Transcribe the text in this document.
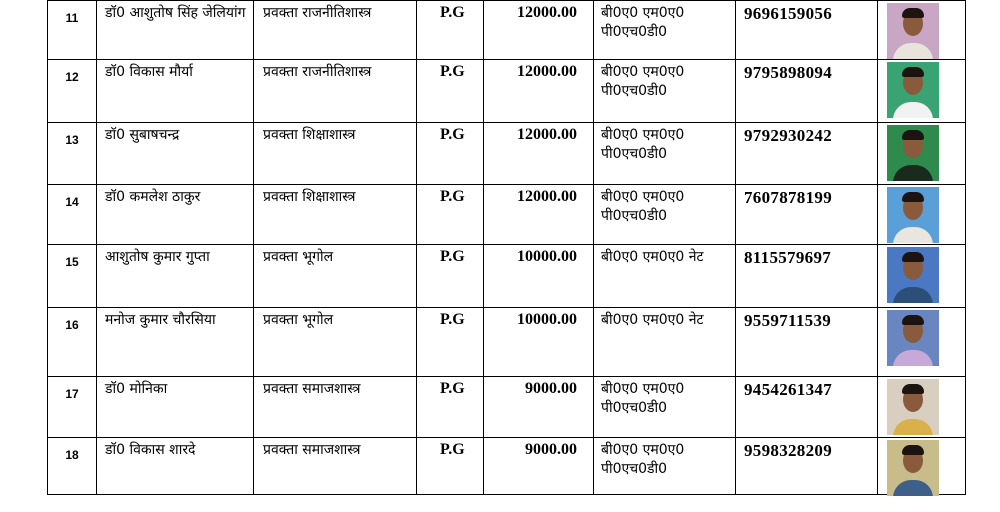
11	डॉ0 आशुतोष सिंह जेलियांग	प्रवक्ता राजनीतिशास्त्र	P.G	12000.00	बी0ए0 एम0ए0 पी0एच0डी0	9696159056	

12	डॉ0 विकास मौर्या	प्रवक्ता राजनीतिशास्त्र	P.G	12000.00	बी0ए0 एम0ए0 पी0एच0डी0	9795898094	

13	डॉ0 सुबाषचन्द्र	प्रवक्ता शिक्षाशास्त्र	P.G	12000.00	बी0ए0 एम0ए0 पी0एच0डी0	9792930242	

14	डॉ0 कमलेश ठाकुर	प्रवक्ता शिक्षाशास्त्र	P.G	12000.00	बी0ए0 एम0ए0 पी0एच0डी0	7607878199	

15	आशुतोष कुमार गुप्ता	प्रवक्ता भूगोल	P.G	10000.00	बी0ए0 एम0ए0 नेट	8115579697	

16	मनोज कुमार चौरसिया	प्रवक्ता भूगोल	P.G	10000.00	बी0ए0 एम0ए0 नेट	9559711539	

17	डॉ0 मोनिका	प्रवक्ता समाजशास्त्र	P.G	9000.00	बी0ए0 एम0ए0 पी0एच0डी0	9454261347	

18	डॉ0 विकास शारदे	प्रवक्ता समाजशास्त्र	P.G	9000.00	बी0ए0 एम0ए0 पी0एच0डी0	9598328209	
